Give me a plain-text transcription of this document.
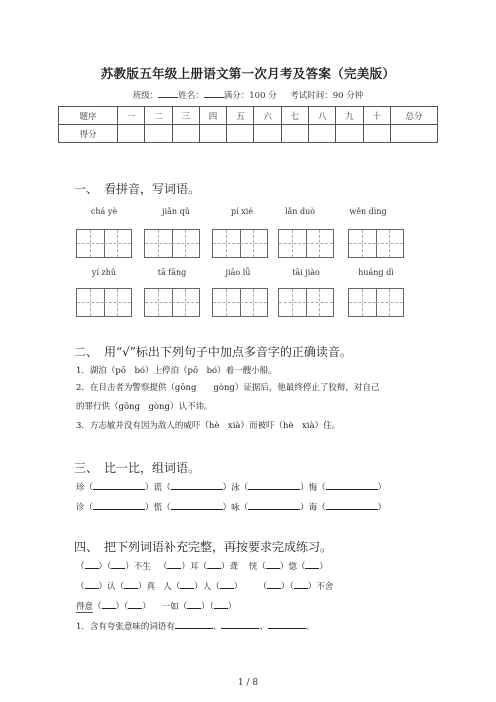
苏教版五年级上册语文第一次月考及答案（完美版）
班级： 姓名： 满分：100 分 考试时间：90 分钟
题序	一	二	三	四	五	六	七	八	九	十	总分
得分											
一、　看拼音，写词语。
chá yè	jiǎn qǔ	pí xié	lǎn duò	wěn dìng
yí zhǔ	tā fāng	jiāo lǚ	tāi jiào	huáng dì
二、　用“√”标出下列句子中加点多音字的正确读音。
1．湖泊（pō　bó）上停泊（pō　bó）着一艘小船。
2．在目击者为警察提供（gōng　　gòng）证据后，他最终停止了狡辩，对自己
的罪行供（gōng　gòng）认不讳。
3．方志敏并没有因为敌人的威吓（hè　xià）而被吓（hè　xià）住。
三、　比一比，组词语。
珍（	）谎（	）泳（	）悔（	）
诊（	）慌（	）咏（	）诲（	）
四、　把下列词语补充完整，再按要求完成练习。
（ ）（ ）不生   （ ）耳（ ）聋 恍（ ）惚（ ）
（ ）认（ ）真 人（ ）人（ ）      （ ）（ ）不舍
得意（ ）（ ）    一如（ ）（ ）
1．含有夸张意味的词语有	、	、	。
1 / 8
